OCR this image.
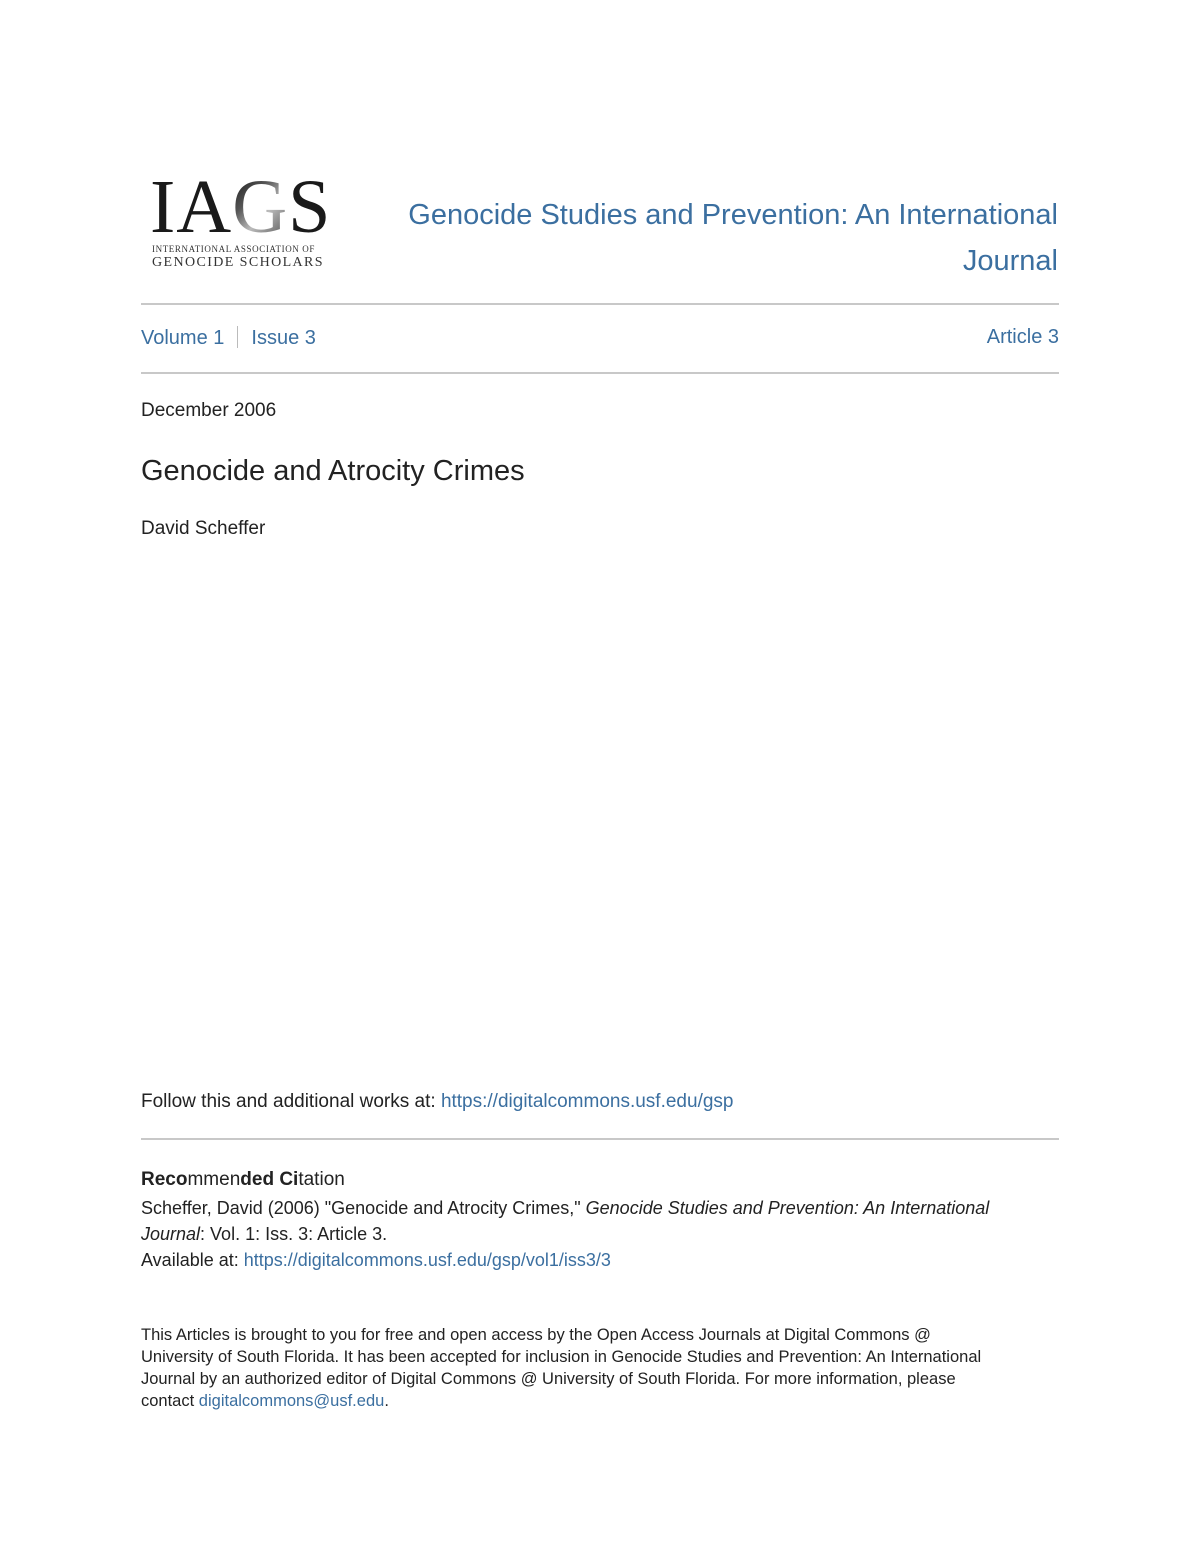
IAGS
INTERNATIONAL ASSOCIATION OF
GENOCIDE SCHOLARS
Genocide Studies and Prevention: An International
Journal
Volume 1 Issue 3	Article 3
December 2006
Genocide and Atrocity Crimes
David Scheffer
Follow this and additional works at: https://digitalcommons.usf.edu/gsp
Recommended Citation
Scheffer, David (2006) "Genocide and Atrocity Crimes," Genocide Studies and Prevention: An International
Journal: Vol. 1: Iss. 3: Article 3.
Available at: https://digitalcommons.usf.edu/gsp/vol1/iss3/3
This Articles is brought to you for free and open access by the Open Access Journals at Digital Commons @
University of South Florida. It has been accepted for inclusion in Genocide Studies and Prevention: An International
Journal by an authorized editor of Digital Commons @ University of South Florida. For more information, please
contact digitalcommons@usf.edu.
